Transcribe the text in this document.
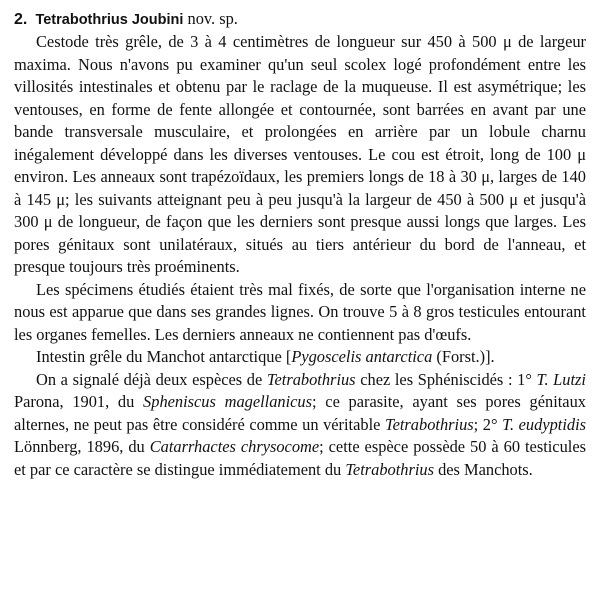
2. Tetrabothrius Joubini nov. sp.

Cestode très grêle, de 3 à 4 centimètres de longueur sur 450 à 500 μ de largeur maxima. Nous n'avons pu examiner qu'un seul scolex logé profondément entre les villosités intestinales et obtenu par le raclage de la muqueuse. Il est asymétrique; les ventouses, en forme de fente allongée et contournée, sont barrées en avant par une bande transversale musculaire, et prolongées en arrière par un lobule charnu inégalement développé dans les diverses ventouses. Le cou est étroit, long de 100 μ environ. Les anneaux sont trapézoïdaux, les premiers longs de 18 à 30 μ, larges de 140 à 145 μ; les suivants atteignant peu à peu jusqu'à la largeur de 450 à 500 μ et jusqu'à 300 μ de longueur, de façon que les derniers sont presque aussi longs que larges. Les pores génitaux sont unilatéraux, situés au tiers antérieur du bord de l'anneau, et presque toujours très proéminents.

Les spécimens étudiés étaient très mal fixés, de sorte que l'organisation interne ne nous est apparue que dans ses grandes lignes. On trouve 5 à 8 gros testicules entourant les organes femelles. Les derniers anneaux ne contiennent pas d'œufs.

Intestin grêle du Manchot antarctique [Pygoscelis antarctica (Forst.)].

On a signalé déjà deux espèces de Tetrabothrius chez les Sphéniscidés : 1° T. Lutzi Parona, 1901, du Spheniscus magellanicus; ce parasite, ayant ses pores génitaux alternes, ne peut pas être considéré comme un véritable Tetrabothrius; 2° T. eudyptidis Lönnberg, 1896, du Catarrhactes chrysocome; cette espèce possède 50 à 60 testicules et par ce caractère se distingue immédiatement du Tetrabothrius des Manchots.
